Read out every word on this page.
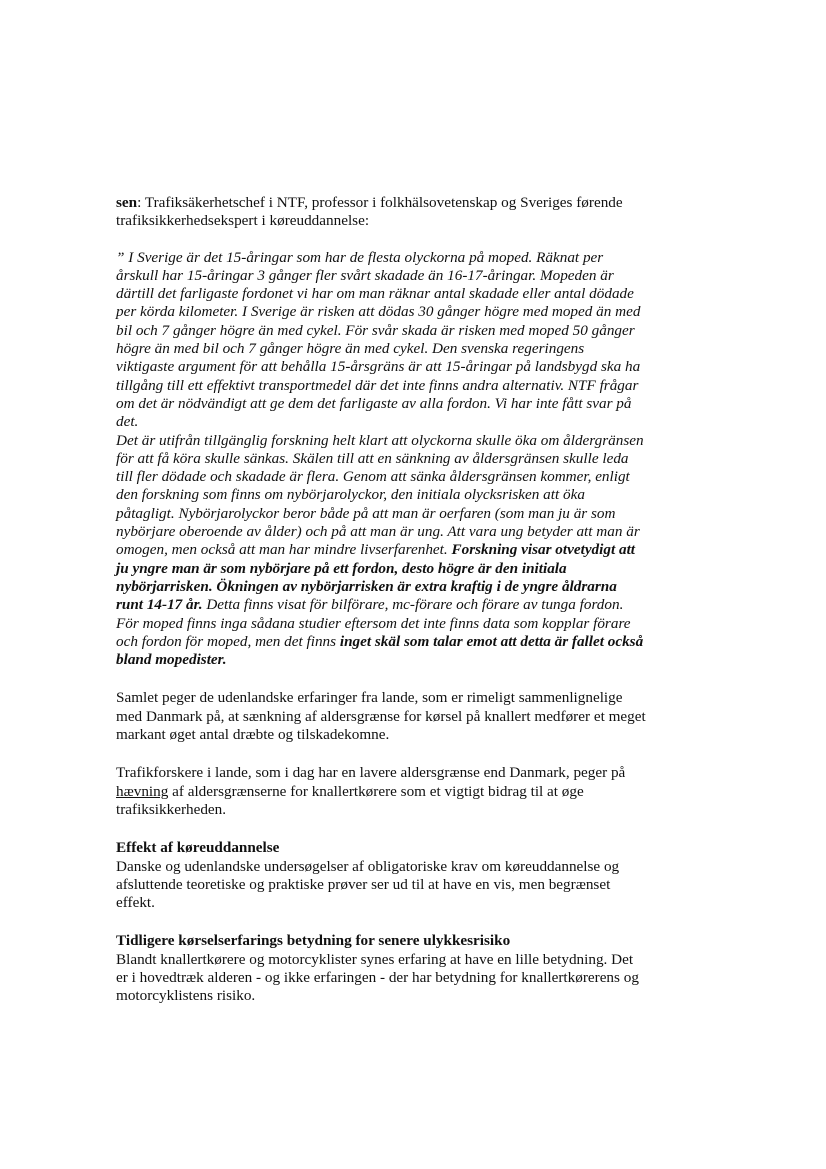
sen: Trafiksäkerhetschef i NTF, professor i folkhälsovetenskap og Sveriges førende trafiksikkerhedsekspert i køreuddannelse:

” I Sverige är det 15-åringar som har de flesta olyckorna på moped. Räknat per årskull har 15-åringar 3 gånger fler svårt skadade än 16-17-åringar. Mopeden är därtill det farligaste fordonet vi har om man räknar antal skadade eller antal dödade per körda kilometer. I Sverige är risken att dödas 30 gånger högre med moped än med bil och 7 gånger högre än med cykel. För svår skada är risken med moped 50 gånger högre än med bil och 7 gånger högre än med cykel. Den svenska regeringens viktigaste argument för att behålla 15-årsgräns är att 15-åringar på landsbygd ska ha tillgång till ett effektivt transportmedel där det inte finns andra alternativ. NTF frågar om det är nödvändigt att ge dem det farligaste av alla fordon. Vi har inte fått svar på det.
Det är utifrån tillgänglig forskning helt klart att olyckorna skulle öka om åldergränsen för att få köra skulle sänkas. Skälen till att en sänkning av åldersgränsen skulle leda till fler dödade och skadade är flera. Genom att sänka åldersgränsen kommer, enligt den forskning som finns om nybörjarolyckor, den initiala olycksrisken att öka påtagligt. Nybörjarolyckor beror både på att man är oerfaren (som man ju är som nybörjare oberoende av ålder) och på att man är ung. Att vara ung betyder att man är omogen, men också att man har mindre livserfarenhet. Forskning visar otvetydigt att ju yngre man är som nybörjare på ett fordon, desto högre är den initiala nybörjarrisken. Ökningen av nybörjarrisken är extra kraftig i de yngre åldrarna runt 14-17 år. Detta finns visat för bilförare, mc-förare och förare av tunga fordon. För moped finns inga sådana studier eftersom det inte finns data som kopplar förare och fordon för moped, men det finns inget skäl som talar emot att detta är fallet också bland mopedister.

Samlet peger de udenlandske erfaringer fra lande, som er rimeligt sammenlignelige med Danmark på, at sænkning af aldersgrænse for kørsel på knallert medfører et meget markant øget antal dræbte og tilskadekomne.

Trafikforskere i lande, som i dag har en lavere aldersgrænse end Danmark, peger på hævning af aldersgrænserne for knallertkørere som et vigtigt bidrag til at øge trafiksikkerheden.

Effekt af køreuddannelse

Danske og udenlandske undersøgelser af obligatoriske krav om køreuddannelse og afsluttende teoretiske og praktiske prøver ser ud til at have en vis, men begrænset effekt.

Tidligere kørselserfarings betydning for senere ulykkesrisiko

Blandt knallertkørere og motorcyklister synes erfaring at have en lille betydning. Det er i hovedtræk alderen - og ikke erfaringen - der har betydning for knallertkørerens og motorcyklistens risiko.
